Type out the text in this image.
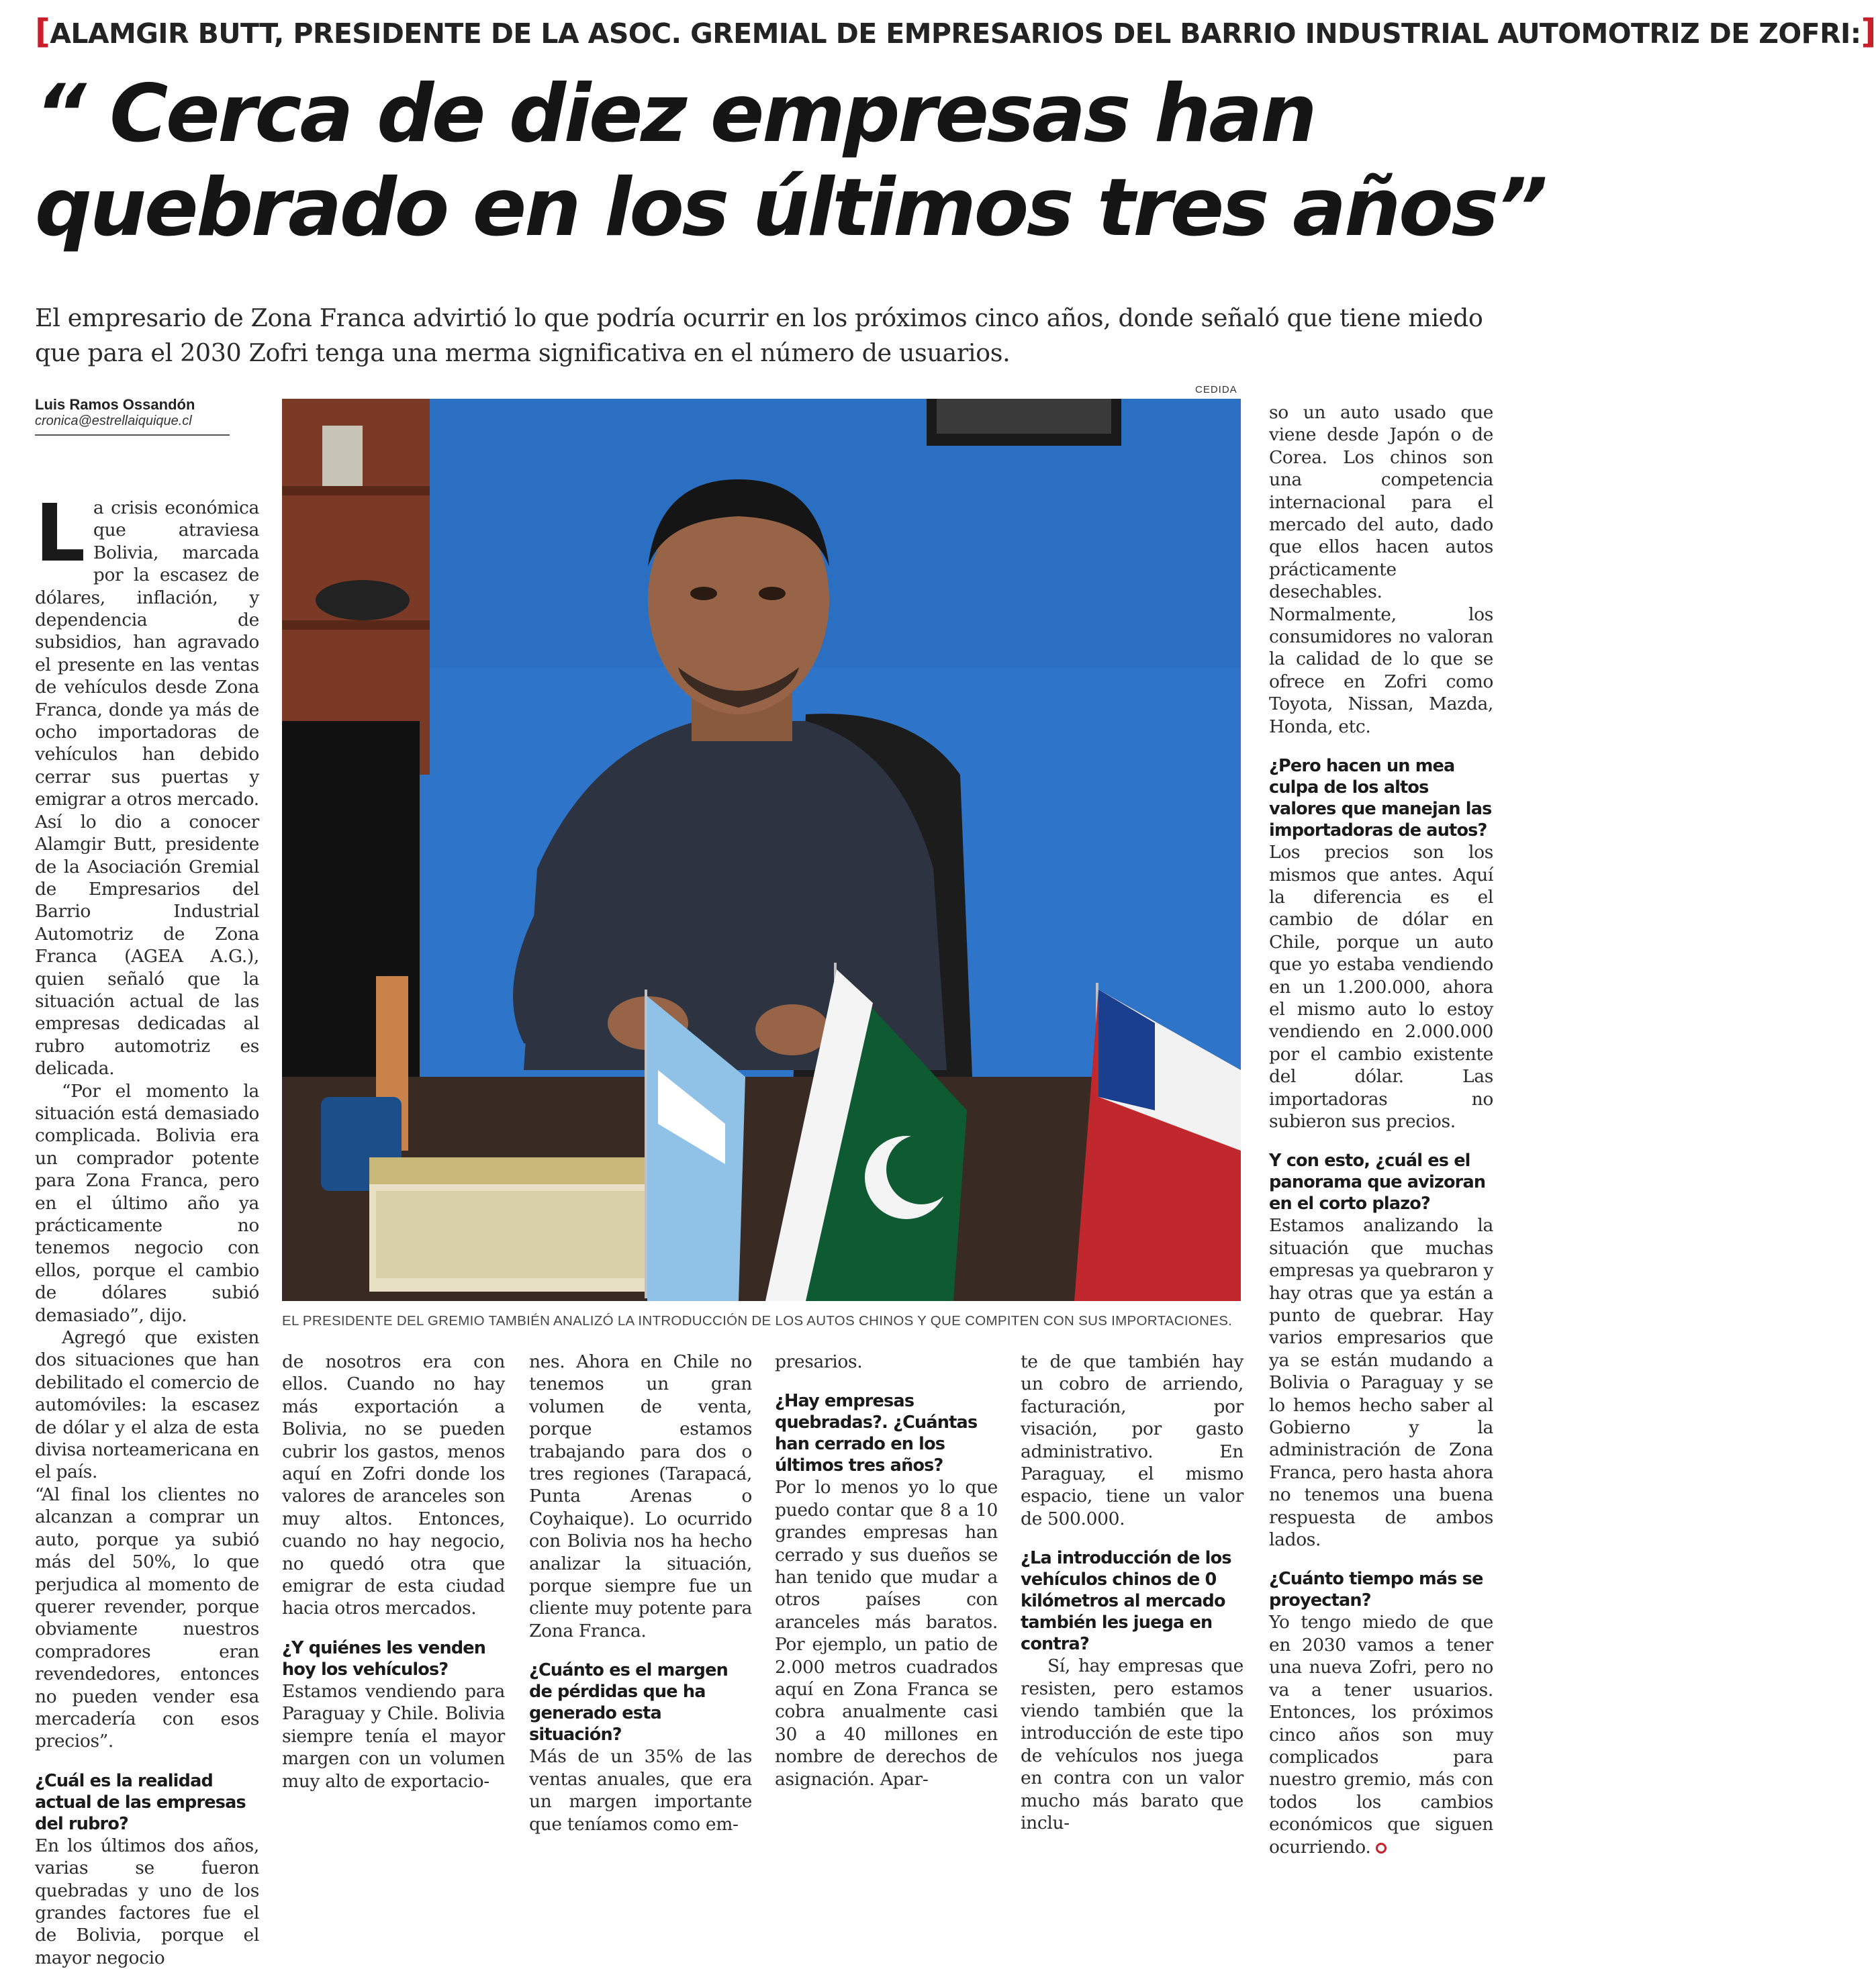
[ALAMGIR BUTT, PRESIDENTE DE LA ASOC. GREMIAL DE EMPRESARIOS DEL BARRIO INDUSTRIAL AUTOMOTRIZ DE ZOFRI:]
“ Cerca de diez empresas han
quebrado en los últimos tres años”
El empresario de Zona Franca advirtió lo que podría ocurrir en los próximos cinco años, donde señaló que tiene miedo
que para el 2030 Zofri tenga una merma significativa en el número de usuarios.
Luis Ramos Ossandón
cronica@estrellaiquique.cl
CEDIDA
EL PRESIDENTE DEL GREMIO TAMBIÉN ANALIZÓ LA INTRODUCCIÓN DE LOS AUTOS CHINOS Y QUE COMPITEN CON SUS IMPORTACIONES.

La crisis económica que atraviesa Bolivia, marcada por la escasez de dólares, inflación, y dependencia de subsidios, han agravado el presente en las ventas de vehículos desde Zona Franca, donde ya más de ocho importadoras de vehículos han debido cerrar sus puertas y emigrar a otros mercado.

Así lo dio a conocer Alamgir Butt, presidente de la Asociación Gremial de Empresarios del Barrio Industrial Automotriz de Zona Franca (AGEA A.G.), quien señaló que la situación actual de las empresas dedicadas al rubro automotriz es delicada.

“Por el momento la situación está demasiado complicada. Bolivia era un comprador potente para Zona Franca, pero en el último año ya prácticamente no tenemos negocio con ellos, porque el cambio de dólares subió demasiado”, dijo.

Agregó que existen dos situaciones que han debilitado el comercio de automóviles: la escasez de dólar y el alza de esta divisa norteamericana en el país.

“Al final los clientes no alcanzan a comprar un auto, porque ya subió más del 50%, lo que perjudica al momento de querer revender, porque obviamente nuestros compradores eran revendedores, entonces no pueden vender esa mercadería con esos precios”.

¿Cuál es la realidad actual de las empresas del rubro?

En los últimos dos años, varias se fueron quebradas y uno de los grandes factores fue el de Bolivia, porque el mayor negocio

de nosotros era con ellos. Cuando no hay más exportación a Bolivia, no se pueden cubrir los gastos, menos aquí en Zofri donde los valores de aranceles son muy altos. Entonces, cuando no hay negocio, no quedó otra que emigrar de esta ciudad hacia otros mercados.

¿Y quiénes les venden hoy los vehículos?

Estamos vendiendo para Paraguay y Chile. Bolivia siempre tenía el mayor margen con un volumen muy alto de exportacio-

nes. Ahora en Chile no tenemos un gran volumen de venta, porque estamos trabajando para dos o tres regiones (Tarapacá, Punta Arenas o Coyhaique). Lo ocurrido con Bolivia nos ha hecho analizar la situación, porque siempre fue un cliente muy potente para Zona Franca.

¿Cuánto es el margen de pérdidas que ha generado esta situación?

Más de un 35% de las ventas anuales, que era un margen importante que teníamos como em-

presarios.

¿Hay empresas quebradas?. ¿Cuántas han cerrado en los últimos tres años?

Por lo menos yo lo que puedo contar que 8 a 10 grandes empresas han cerrado y sus dueños se han tenido que mudar a otros países con aranceles más baratos. Por ejemplo, un patio de 2.000 metros cuadrados aquí en Zona Franca se cobra anualmente casi 30 a 40 millones en nombre de derechos de asignación. Apar-

te de que también hay un cobro de arriendo, facturación, por visación, por gasto administrativo. En Paraguay, el mismo espacio, tiene un valor de 500.000.

¿La introducción de los vehículos chinos de 0 kilómetros al mercado también les juega en contra?

Sí, hay empresas que resisten, pero estamos viendo también que la introducción de este tipo de vehículos nos juega en contra con un valor mucho más barato que inclu-

so un auto usado que viene desde Japón o de Corea. Los chinos son una competencia internacional para el mercado del auto, dado que ellos hacen autos prácticamente desechables. Normalmente, los consumidores no valoran la calidad de lo que se ofrece en Zofri como Toyota, Nissan, Mazda, Honda, etc.

¿Pero hacen un mea culpa de los altos valores que manejan las importadoras de autos?

Los precios son los mismos que antes. Aquí la diferencia es el cambio de dólar en Chile, porque un auto que yo estaba vendiendo en un 1.200.000, ahora el mismo auto lo estoy vendiendo en 2.000.000 por el cambio existente del dólar. Las importadoras no subieron sus precios.

Y con esto, ¿cuál es el panorama que avizoran en el corto plazo?

Estamos analizando la situación que muchas empresas ya quebraron y hay otras que ya están a punto de quebrar. Hay varios empresarios que ya se están mudando a Bolivia o Paraguay y se lo hemos hecho saber al Gobierno y la administración de Zona Franca, pero hasta ahora no tenemos una buena respuesta de ambos lados.

¿Cuánto tiempo más se proyectan?

Yo tengo miedo de que en 2030 vamos a tener una nueva Zofri, pero no va a tener usuarios. Entonces, los próximos cinco años son muy complicados para nuestro gremio, más con todos los cambios económicos que siguen ocurriendo.
